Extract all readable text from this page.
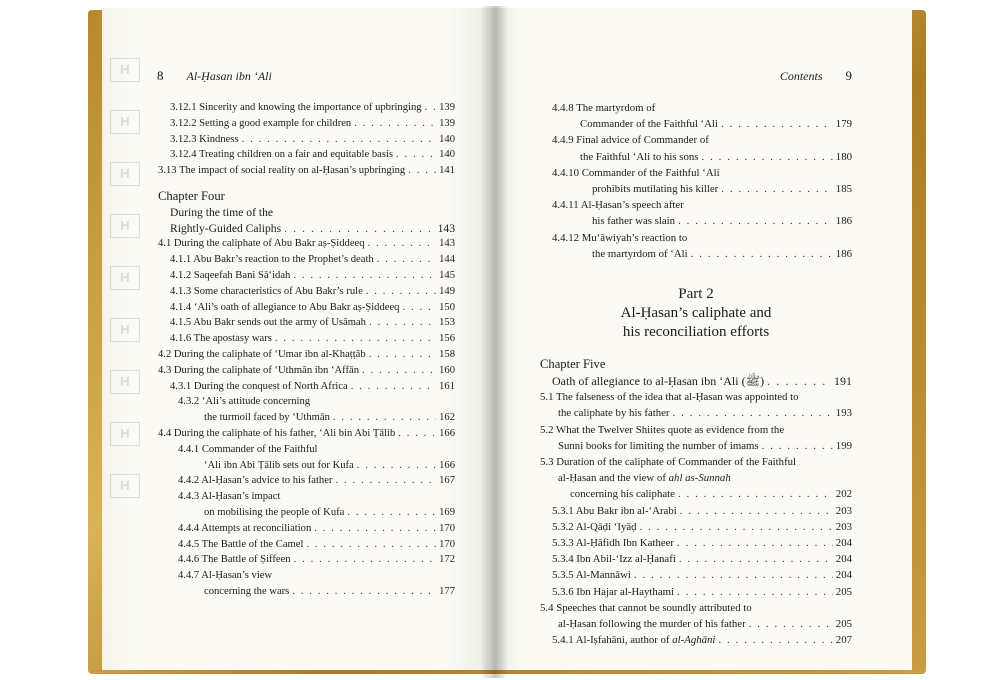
H
H
H
H
H
H
H
H
H
8 Al-Ḥasan ibn ‘Ali
3.12.1 Sincerity and knowing the importance of upbringing . . . 139
3.12.2 Setting a good example for children . . .	139
3.12.3 Kindness . . .	140
3.12.4 Treating children on a fair and equitable basis . . .	140
3.13 The impact of social reality on al-Ḥasan’s upbringing . . .	141
Chapter Four
During the time of the
Rightly-Guided Caliphs . . .	143
4.1 During the caliphate of Abu Bakr aṣ-Ṣiddeeq . . .	143
4.1.1 Abu Bakr’s reaction to the Prophet’s death . . .	144
4.1.2 Saqeefah Bani Sā‘idah . . .	145
4.1.3 Some characteristics of Abu Bakr’s rule . . .	149
4.1.4 ‘Ali’s oath of allegiance to Abu Bakr aṣ-Ṣiddeeq . . .	150
4.1.5 Abu Bakr sends out the army of Usāmah . . .	153
4.1.6 The apostasy wars . . .	156
4.2 During the caliphate of ‘Umar ibn al-Khaṭṭāb . . .	158
4.3 During the caliphate of ‘Uthmān ibn ‘Affān . . .	160
4.3.1 During the conquest of North Africa . . .	161
4.3.2 ‘Ali’s attitude concerning
the turmoil faced by ‘Uthmān . . .	162
4.4 During the caliphate of his father, ‘Ali bin Abi Ṭālib . . .	166
4.4.1 Commander of the Faithful
‘Ali ibn Abi Ṭālib sets out for Kufa . . .	166
4.4.2 Al-Ḥasan’s advice to his father . . .	167
4.4.3 Al-Ḥasan’s impact
on mobilising the people of Kufa . . .	169
4.4.4 Attempts at reconciliation . . .	170
4.4.5 The Battle of the Camel . . .	170
4.4.6 The Battle of Ṣiffeen . . .	172
4.4.7 Al-Ḥasan’s view
concerning the wars . . .	177
Contents 9
4.4.8 The martyrdom of
Commander of the Faithful ‘Ali . . .	179
4.4.9 Final advice of Commander of
the Faithful ‘Ali to his sons . . .	180
4.4.10 Commander of the Faithful ‘Ali
prohibits mutilating his killer . . .	185
4.4.11 Al-Ḥasan’s speech after
his father was slain . . .	186
4.4.12 Mu‘āwiyah’s reaction to
the martyrdom of ‘Ali . . .	186
Part 2
Al-Ḥasan’s caliphate and
his reconciliation efforts
Chapter Five
Oath of allegiance to al-Ḥasan ibn ‘Ali (ﷺ) . . .	191
5.1 The falseness of the idea that al-Ḥasan was appointed to
the caliphate by his father . . .	193
5.2 What the Twelver Shiites quote as evidence from the
Sunni books for limiting the number of imams . . .	199
5.3 Duration of the caliphate of Commander of the Faithful
al-Ḥasan and the view of ahl as-Sunnah
concerning his caliphate . . .	202
5.3.1 Abu Bakr ibn al-‘Arabi . . .	203
5.3.2 Al-Qāḍi ‘Iyāḍ . . .	203
5.3.3 Al-Ḥāfidh Ibn Katheer . . .	204
5.3.4 Ibn Abil-‘Izz al-Ḥanafi . . .	204
5.3.5 Al-Mannāwi . . .	204
5.3.6 Ibn Hajar al-Haythami . . .	205
5.4 Speeches that cannot be soundly attributed to
al-Ḥasan following the murder of his father . . .	205
5.4.1 Al-Iṣfahāni, author of al-Aghāni . . .	207
